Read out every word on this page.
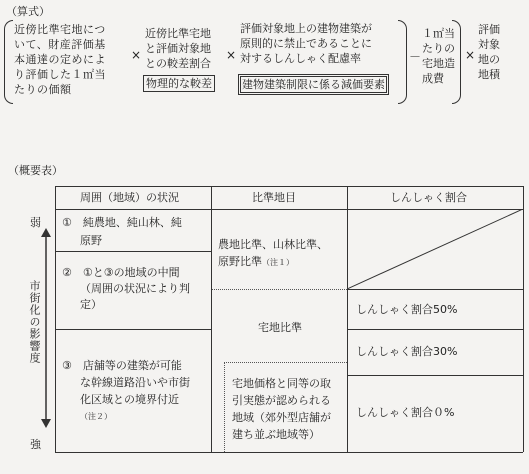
（算式）
近傍比準宅地につ
いて、財産評価基
本通達の定めによ
り評価した１㎡当
たりの価額
×
近傍比準宅地
と評価対象地
との較差割合
物理的な較差
×
評価対象地上の建物建築が
原則的に禁止であることに
対するしんしゃく配慮率
建物建築制限に係る減価要素
－
１㎡当
たりの
宅地造
成費
×
評価
対象
地の
地積
（概要表）
弱
強
市街化の影響度
周囲（地域）の状況	比準地目	しんしゃく割合
①　純農地、純山林、純
原野
②　①と③の地域の中間
（周囲の状況により判
定）
③　店舗等の建築が可能
な幹線道路沿いや市街
化区域との境界付近
（注２）
農地比準、山林比準、
原野比準（注１）
宅地比準
宅地価格と同等の取
引実態が認められる
地域（郊外型店舗が
建ち並ぶ地域等）
しんしゃく割合50%
しんしゃく割合30%
しんしゃく割合０%
